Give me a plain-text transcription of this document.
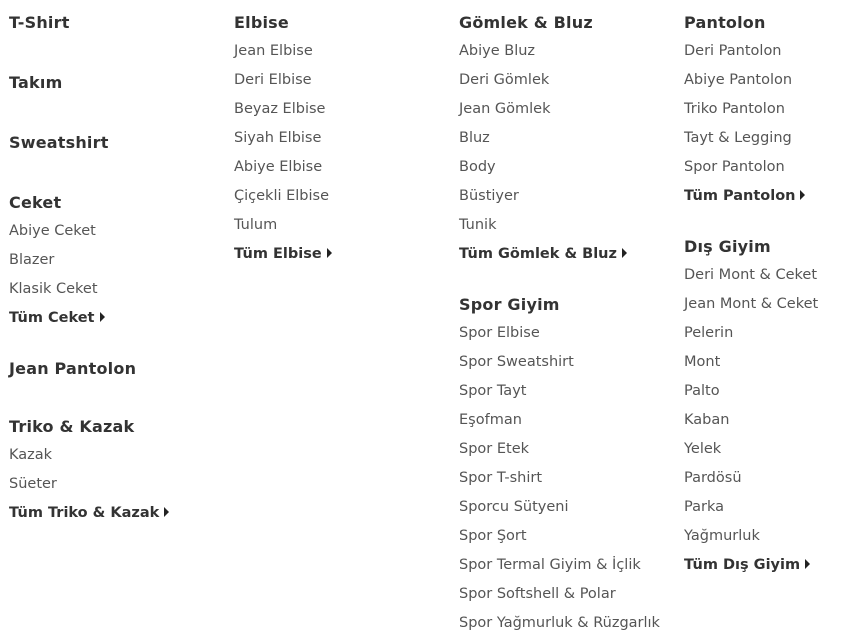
T-Shirt
Takım
Sweatshirt
Ceket
Abiye Ceket
Blazer
Klasik Ceket
Tüm Ceket
Jean Pantolon
Triko & Kazak
Kazak
Süeter
Tüm Triko & Kazak
Elbise
Jean Elbise
Deri Elbise
Beyaz Elbise
Siyah Elbise
Abiye Elbise
Çiçekli Elbise
Tulum
Tüm Elbise
Gömlek & Bluz
Abiye Bluz
Deri Gömlek
Jean Gömlek
Bluz
Body
Büstiyer
Tunik
Tüm Gömlek & Bluz
Spor Giyim
Spor Elbise
Spor Sweatshirt
Spor Tayt
Eşofman
Spor Etek
Spor T-shirt
Sporcu Sütyeni
Spor Şort
Spor Termal Giyim & İçlik
Spor Softshell & Polar
Spor Yağmurluk & Rüzgarlık
Pantolon
Deri Pantolon
Abiye Pantolon
Triko Pantolon
Tayt & Legging
Spor Pantolon
Tüm Pantolon
Dış Giyim
Deri Mont & Ceket
Jean Mont & Ceket
Pelerin
Mont
Palto
Kaban
Yelek
Pardösü
Parka
Yağmurluk
Tüm Dış Giyim
